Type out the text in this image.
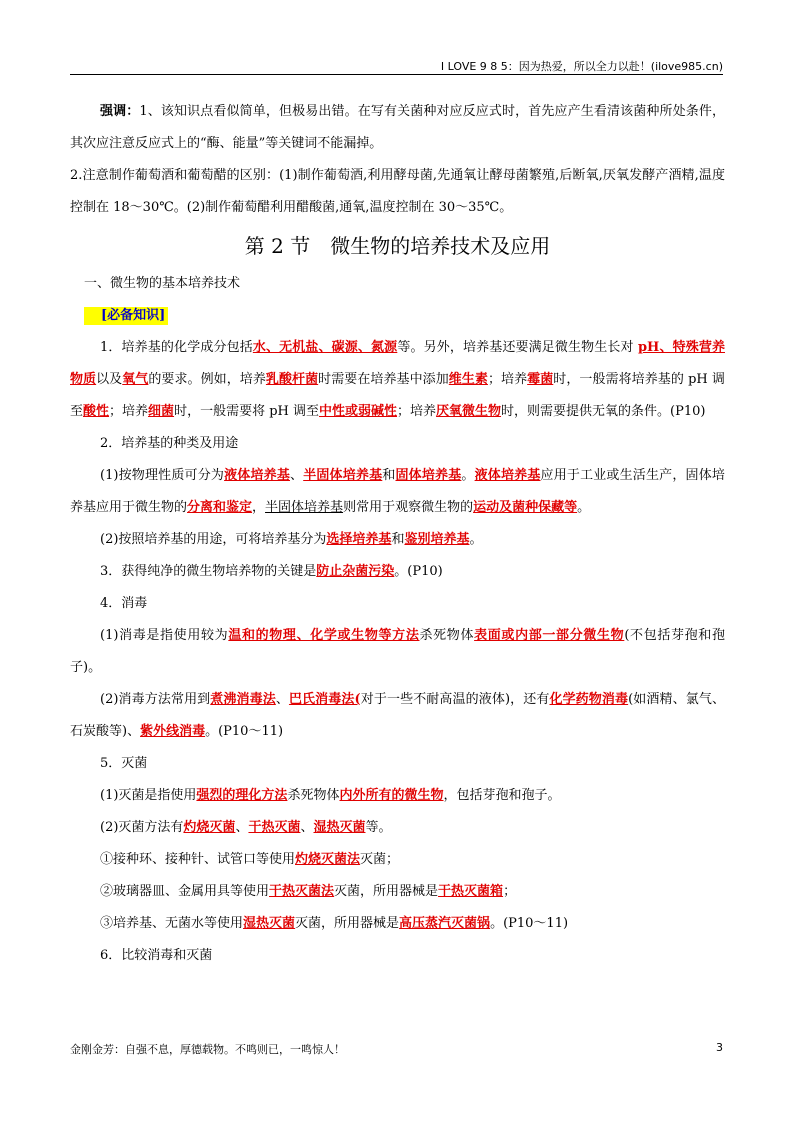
I LOVE 9 8 5：因为热爱，所以全力以赴！(ilove985.cn)

强调：1、该知识点看似简单，但极易出错。在写有关菌种对应反应式时，首先应产生看清该菌种所处条件，其次应注意反应式上的“酶、能量”等关键词不能漏掉。

2.注意制作葡萄酒和葡萄醋的区别：(1)制作葡萄酒,利用酵母菌,先通氧让酵母菌繁殖,后断氧,厌氧发酵产酒精,温度控制在 18～30℃。(2)制作葡萄醋利用醋酸菌,通氧,温度控制在 30～35℃。

第 2 节　微生物的培养技术及应用

一、微生物的基本培养技术

[必备知识]

1．培养基的化学成分包括水、无机盐、碳源、氮源等。另外，培养基还要满足微生物生长对 pH、特殊营养物质以及氧气的要求。例如，培养乳酸杆菌时需要在培养基中添加维生素；培养霉菌时，一般需将培养基的 pH 调至酸性；培养细菌时，一般需要将 pH 调至中性或弱碱性；培养厌氧微生物时，则需要提供无氧的条件。(P10)

2．培养基的种类及用途

(1)按物理性质可分为液体培养基、半固体培养基和固体培养基。液体培养基应用于工业或生活生产，固体培养基应用于微生物的分离和鉴定，半固体培养基则常用于观察微生物的运动及菌种保藏等。

(2)按照培养基的用途，可将培养基分为选择培养基和鉴别培养基。

3．获得纯净的微生物培养物的关键是防止杂菌污染。(P10)

4．消毒

(1)消毒是指使用较为温和的物理、化学或生物等方法杀死物体表面或内部一部分微生物(不包括芽孢和孢子)。

(2)消毒方法常用到煮沸消毒法、巴氏消毒法(对于一些不耐高温的液体)，还有化学药物消毒(如酒精、氯气、石炭酸等)、紫外线消毒。(P10～11)

5．灭菌

(1)灭菌是指使用强烈的理化方法杀死物体内外所有的微生物，包括芽孢和孢子。

(2)灭菌方法有灼烧灭菌、干热灭菌、湿热灭菌等。

①接种环、接种针、试管口等使用灼烧灭菌法灭菌；

②玻璃器皿、金属用具等使用干热灭菌法灭菌，所用器械是干热灭菌箱；

③培养基、无菌水等使用湿热灭菌灭菌，所用器械是高压蒸汽灭菌锅。(P10～11)

6．比较消毒和灭菌

金刚金芳：自强不息，厚德载物。不鸣则已，一鸣惊人！	3
